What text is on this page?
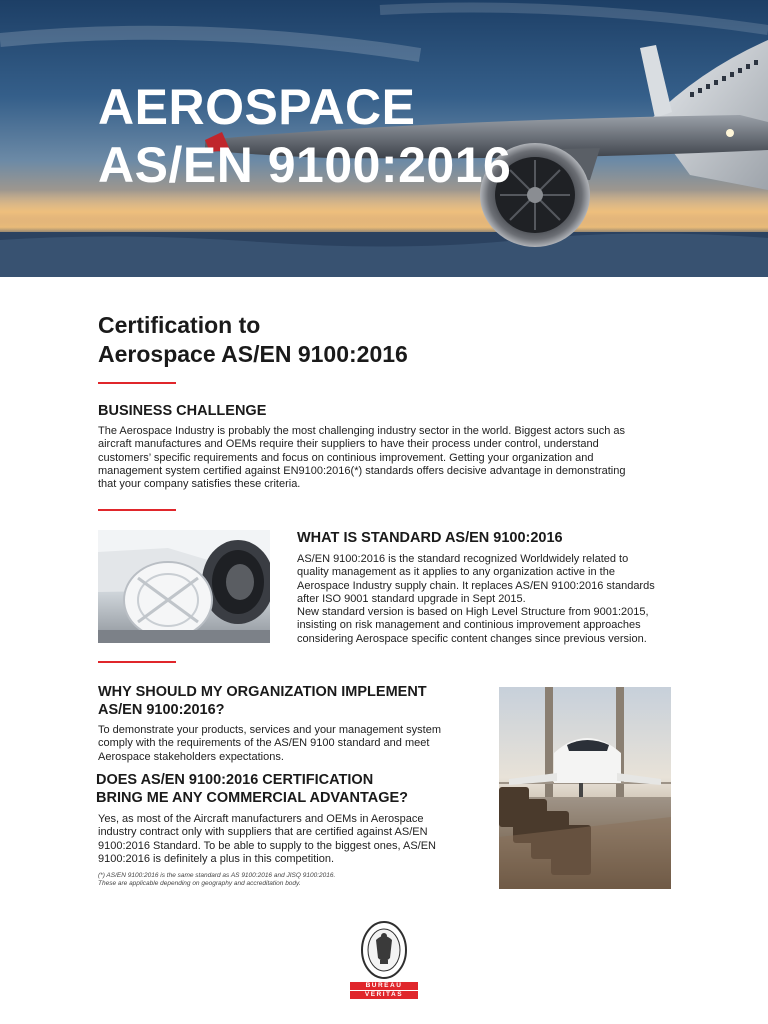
AEROSPACE
AS/EN 9100:2016
Certification to
Aerospace AS/EN 9100:2016
BUSINESS CHALLENGE

The Aerospace Industry is probably the most challenging industry sector in the world. Biggest actors such as
aircraft manufactures and OEMs require their suppliers to have their process under control, understand
customers’ specific requirements and focus on continious improvement. Getting your organization and
management system certified against EN9100:2016(*) standards offers decisive advantage in demonstrating
that your company satisfies these criteria.

WHAT IS STANDARD AS/EN 9100:2016

AS/EN 9100:2016 is the standard recognized Worldwidely related to
quality management as it applies to any organization active in the
Aerospace Industry supply chain. It replaces AS/EN 9100:2016 standards
after ISO 9001 standard upgrade in Sept 2015.
New standard version is based on High Level Structure from 9001:2015,
insisting on risk management and continious improvement approaches
considering Aerospace specific content changes since previous version.

WHY SHOULD MY ORGANIZATION IMPLEMENT
AS/EN 9100:2016?

To demonstrate your products, services and your management system
comply with the requirements of the AS/EN 9100 standard and meet
Aerospace stakeholders expectations.

DOES AS/EN 9100:2016 CERTIFICATION
BRING ME ANY COMMERCIAL ADVANTAGE?

Yes, as most of the Aircraft manufacturers and OEMs in Aerospace
industry contract only with suppliers that are certified against AS/EN
9100:2016 Standard. To be able to supply to the biggest ones, AS/EN
9100:2016 is definitely a plus in this competition.

(*) AS/EN 9100:2016 is the same standard as AS 9100:2016 and JISQ 9100:2016.
These are applicable depending on geography and accreditation body.

BUREAU
VERITAS
